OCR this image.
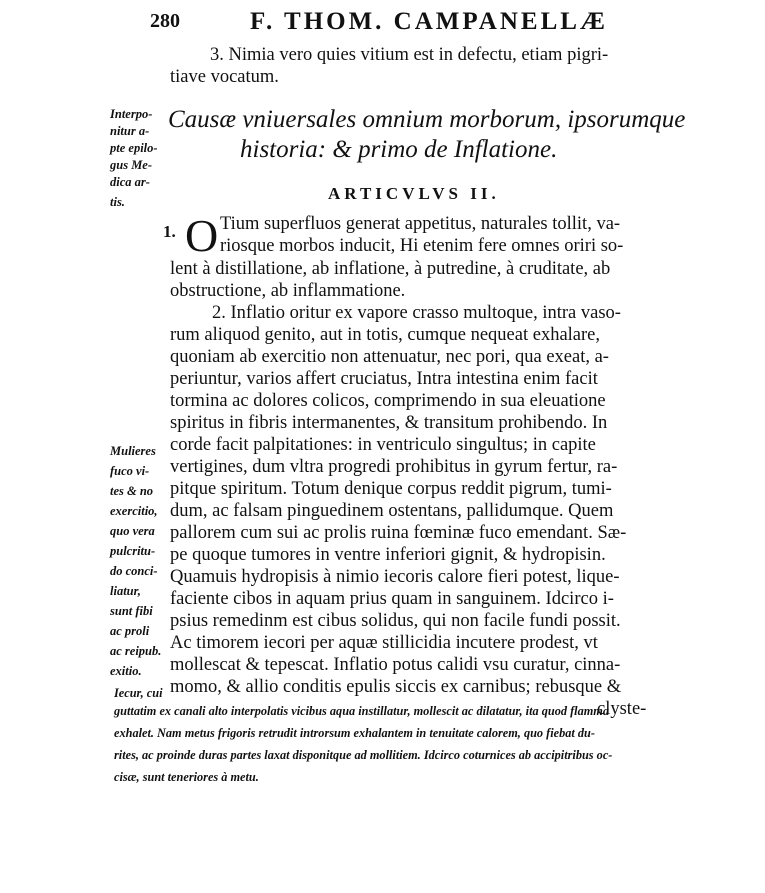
280	F. THOM. CAMPANELLÆ
3. Nimia vero quies vitium est in defectu, etiam pigri-
tiave vocatum.
Interpo-
nitur a-
pte epilo-
gus Me-
dica ar-
tis.
Causæ vniuersales omnium morborum, ipsorumque
historia: & primo de Inflatione.
ARTICVLVS II.
1. O Tium superfluos generat appetitus, naturales tollit, va-
riosque morbos inducit, Hi etenim fere omnes oriri so-
lent à distillatione, ab inflatione, à putredine, à cruditate, ab
obstructione, ab inflammatione.
2. Inflatio oritur ex vapore crasso multoque, intra vaso-
rum aliquod genito, aut in totis, cumque nequeat exhalare,
quoniam ab exercitio non attenuatur, nec pori, qua exeat, a-
periuntur, varios affert cruciatus, Intra intestina enim facit
tormina ac dolores colicos, comprimendo in sua eleuatione
spiritus in fibris intermanentes, & transitum prohibendo. In
corde facit palpitationes: in ventriculo singultus; in capite
vertigines, dum vltra progredi prohibitus in gyrum fertur, ra-
pitque spiritum. Totum denique corpus reddit pigrum, tumi-
dum, ac falsam pinguedinem ostentans, pallidumque. Quem
pallorem cum sui ac prolis ruina fœminæ fuco emendant. Sæ-
pe quoque tumores in ventre inferiori gignit, & hydropisin.
Quamuis hydropisis à nimio iecoris calore fieri potest, lique-
faciente cibos in aquam prius quam in sanguinem. Idcirco i-
psius remedinm est cibus solidus, qui non facile fundi possit.
Ac timorem iecori per aquæ stillicidia incutere prodest, vt
mollescat & tepescat. Inflatio potus calidi vsu curatur, cinna-
momo, & allio conditis epulis siccis ex carnibus; rebusque &
clyste-
Mulieres
fuco vi-
tes & no
exercitio,
quo vera
pulcritu-
do conci-
liatur,
sunt fibi
ac proli
ac reipub.
exitio.
Iecur, cui
guttatim ex canali alto interpolatis vicibus aqua instillatur, mollescit ac dilatatur, ita quod flamma
exhalet. Nam metus frigoris retrudit introrsum exhalantem in tenuitate calorem, quo fiebat du-
rites, ac proinde duras partes laxat disponitque ad mollitiem. Idcirco coturnices ab accipitribus oc-
cisæ, sunt teneriores à metu.
